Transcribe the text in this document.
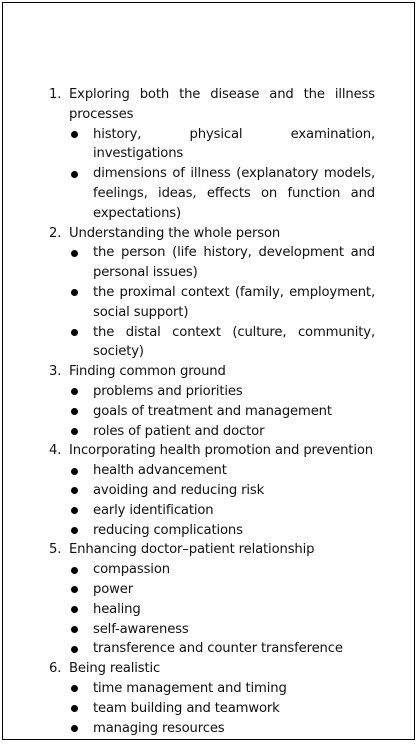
1. Exploring both the disease and the illness processes
history, physical examination, investigations
dimensions of illness (explanatory models, feelings, ideas, effects on function and expectations)
2. Understanding the whole person
the person (life history, development and personal issues)
the proximal context (family, employment, social support)
the distal context (culture, community, society)
3. Finding common ground
problems and priorities
goals of treatment and management
roles of patient and doctor
4. Incorporating health promotion and prevention
health advancement
avoiding and reducing risk
early identification
reducing complications
5. Enhancing doctor–patient relationship
compassion
power
healing
self-awareness
transference and counter transference
6. Being realistic
time management and timing
team building and teamwork
managing resources
